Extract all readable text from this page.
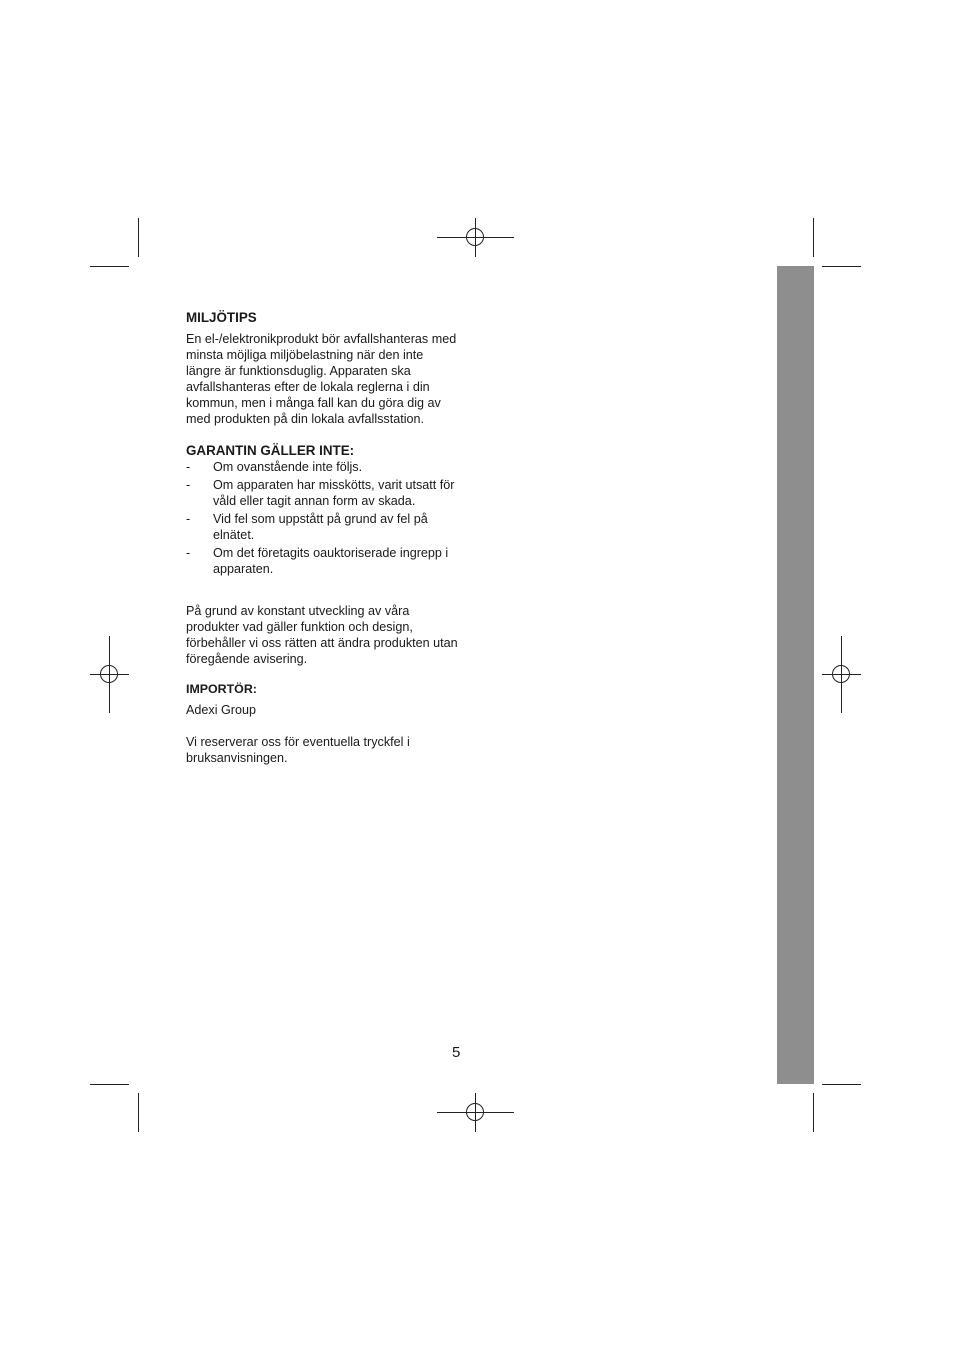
MILJÖTIPS

En el-/elektronikprodukt bör avfallshanteras med
minsta möjliga miljöbelastning när den inte
längre är funktionsduglig. Apparaten ska
avfallshanteras efter de lokala reglerna i din
kommun, men i många fall kan du göra dig av
med produkten på din lokala avfallsstation.

GARANTIN GÄLLER INTE:
- Om ovanstående inte följs.
- Om apparaten har misskötts, varit utsatt för
våld eller tagit annan form av skada.
- Vid fel som uppstått på grund av fel på
elnätet.
- Om det företagits oauktoriserade ingrepp i
apparaten.

På grund av konstant utveckling av våra
produkter vad gäller funktion och design,
förbehåller vi oss rätten att ändra produkten utan
föregående avisering.

IMPORTÖR:

Adexi Group

Vi reserverar oss för eventuella tryckfel i
bruksanvisningen.

5
